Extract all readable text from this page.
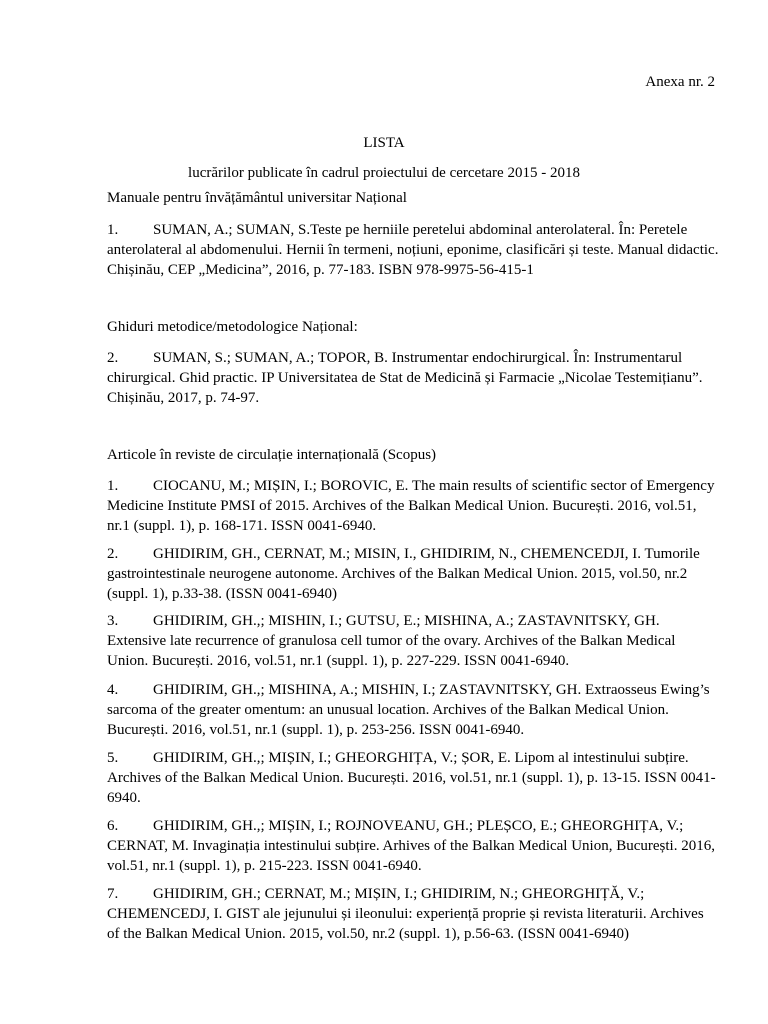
Anexa nr. 2
LISTA
lucrărilor publicate în cadrul proiectului de cercetare 2015 - 2018
Manuale pentru învățământul universitar Național
1. SUMAN, A.; SUMAN, S.Teste pe herniile peretelui abdominal anterolateral. În: Peretele anterolateral al abdomenului. Hernii în termeni, noțiuni, eponime, clasificări și teste. Manual didactic. Chișinău, CEP „Medicina”, 2016, p. 77-183. ISBN 978-9975-56-415-1
Ghiduri metodice/metodologice Național:
2. SUMAN, S.; SUMAN, A.; TOPOR, B. Instrumentar endochirurgical. În: Instrumentarul chirurgical. Ghid practic. IP Universitatea de Stat de Medicină și Farmacie „Nicolae Testemițianu”. Chișinău, 2017, p. 74-97.
Articole în reviste de circulație internațională (Scopus)
1. CIOCANU, M.; MIȘIN, I.; BOROVIC, E. The main results of scientific sector of Emergency Medicine Institute PMSI of 2015. Archives of the Balkan Medical Union. București. 2016, vol.51, nr.1 (suppl. 1), p. 168-171. ISSN 0041-6940.
2. GHIDIRIM, GH., CERNAT, M.; MISIN, I., GHIDIRIM, N., CHEMENCEDJI, I. Tumorile gastrointestinale neurogene autonome. Archives of the Balkan Medical Union. 2015, vol.50, nr.2 (suppl. 1), p.33-38. (ISSN 0041-6940)
3. GHIDIRIM, GH.,; MISHIN, I.; GUTSU, E.; MISHINA, A.; ZASTAVNITSKY, GH. Extensive late recurrence of granulosa cell tumor of the ovary. Archives of the Balkan Medical Union. București. 2016, vol.51, nr.1 (suppl. 1), p. 227-229. ISSN 0041-6940.
4. GHIDIRIM, GH.,; MISHINA, A.; MISHIN, I.; ZASTAVNITSKY, GH. Extraosseus Ewing’s sarcoma of the greater omentum: an unusual location. Archives of the Balkan Medical Union. București. 2016, vol.51, nr.1 (suppl. 1), p. 253-256. ISSN 0041-6940.
5. GHIDIRIM, GH.,; MIȘIN, I.; GHEORGHIȚA, V.; ȘOR, E. Lipom al intestinului subțire. Archives of the Balkan Medical Union. București. 2016, vol.51, nr.1 (suppl. 1), p. 13-15. ISSN 0041-6940.
6. GHIDIRIM, GH.,; MIȘIN, I.; ROJNOVEANU, GH.; PLEȘCO, E.; GHEORGHIȚA, V.; CERNAT, M. Invaginația intestinului subțire. Arhives of the Balkan Medical Union, București. 2016, vol.51, nr.1 (suppl. 1), p. 215-223. ISSN 0041-6940.
7. GHIDIRIM, GH.; CERNAT, M.; MIȘIN, I.; GHIDIRIM, N.; GHEORGHIȚĂ, V.; CHEMENCEDJ, I. GIST ale jejunului și ileonului: experiență proprie și revista literaturii. Archives of the Balkan Medical Union. 2015, vol.50, nr.2 (suppl. 1), p.56-63. (ISSN 0041-6940)
